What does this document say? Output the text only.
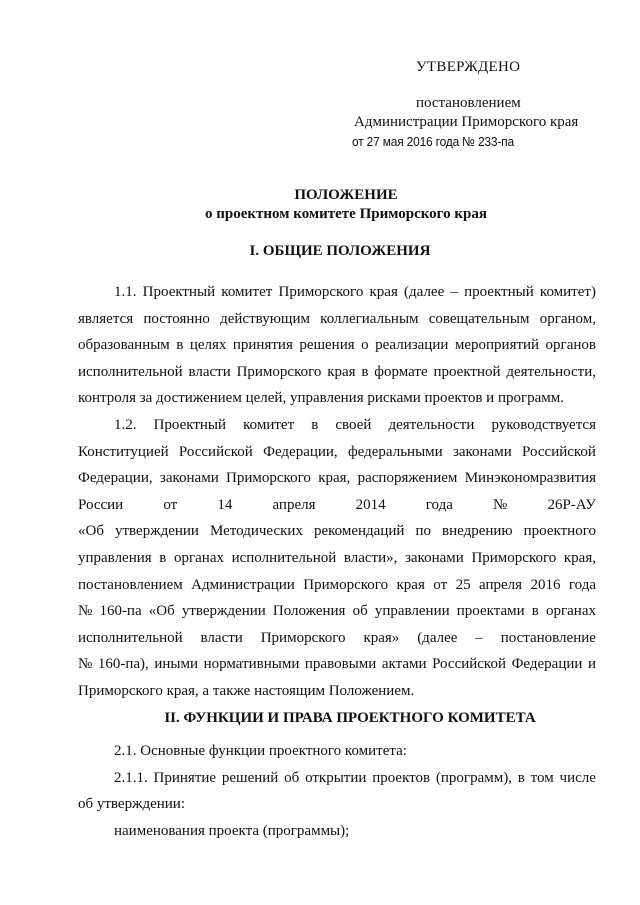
УТВЕРЖДЕНО
постановлением
Администрации Приморского края
от 27 мая 2016 года № 233-па
ПОЛОЖЕНИЕ
о проектном комитете Приморского края
I. ОБЩИЕ ПОЛОЖЕНИЯ
1.1. Проектный комитет Приморского края (далее – проектный комитет)
является постоянно действующим коллегиальным совещательным органом,
образованным в целях принятия решения о реализации мероприятий органов
исполнительной власти Приморского края в формате проектной деятельности,
контроля за достижением целей, управления рисками проектов и программ.
1.2. Проектный комитет в своей деятельности руководствуется
Конституцией Российской Федерации, федеральными законами Российской
Федерации, законами Приморского края, распоряжением Минэкономразвития
России	от	14	апреля	2014	года	№	26Р-АУ
«Об утверждении Методических рекомендаций по внедрению проектного
управления в органах исполнительной власти», законами Приморского края,
постановлением Администрации Приморского края от 25 апреля 2016 года
№ 160-па «Об утверждении Положения об управлении проектами в органах
исполнительной власти Приморского края» (далее – постановление
№ 160-па), иными нормативными правовыми актами Российской Федерации и
Приморского края, а также настоящим Положением.
II. ФУНКЦИИ И ПРАВА ПРОЕКТНОГО КОМИТЕТА
2.1. Основные функции проектного комитета:
2.1.1. Принятие решений об открытии проектов (программ), в том числе
об утверждении:
наименования проекта (программы);
